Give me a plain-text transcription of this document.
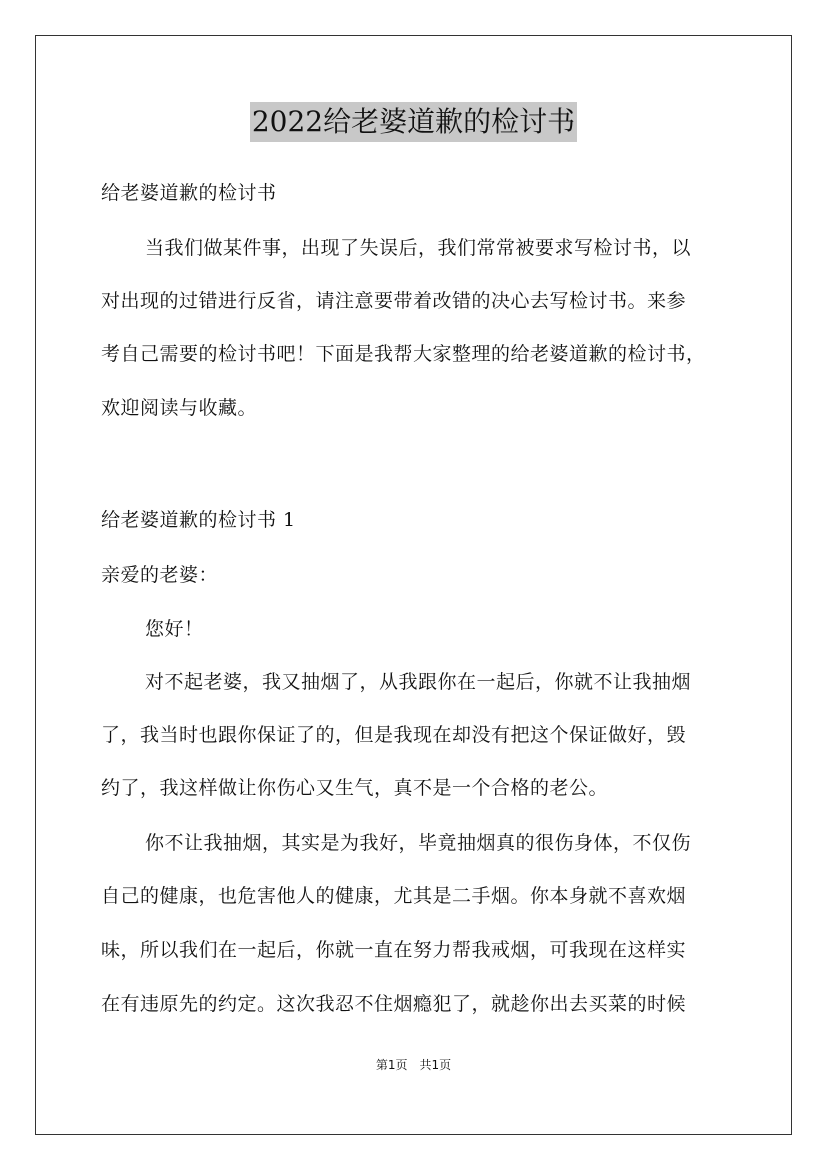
2022给老婆道歉的检讨书
给老婆道歉的检讨书
当我们做某件事，出现了失误后，我们常常被要求写检讨书，以
对出现的过错进行反省，请注意要带着改错的决心去写检讨书。来参
考自己需要的检讨书吧！下面是我帮大家整理的给老婆道歉的检讨书，
欢迎阅读与收藏。
给老婆道歉的检讨书 1
亲爱的老婆：
您好！
对不起老婆，我又抽烟了，从我跟你在一起后，你就不让我抽烟
了，我当时也跟你保证了的，但是我现在却没有把这个保证做好，毁
约了，我这样做让你伤心又生气，真不是一个合格的老公。
你不让我抽烟，其实是为我好，毕竟抽烟真的很伤身体，不仅伤
自己的健康，也危害他人的健康，尤其是二手烟。你本身就不喜欢烟
味，所以我们在一起后，你就一直在努力帮我戒烟，可我现在这样实
在有违原先的约定。这次我忍不住烟瘾犯了，就趁你出去买菜的时候
第1页　共1页
